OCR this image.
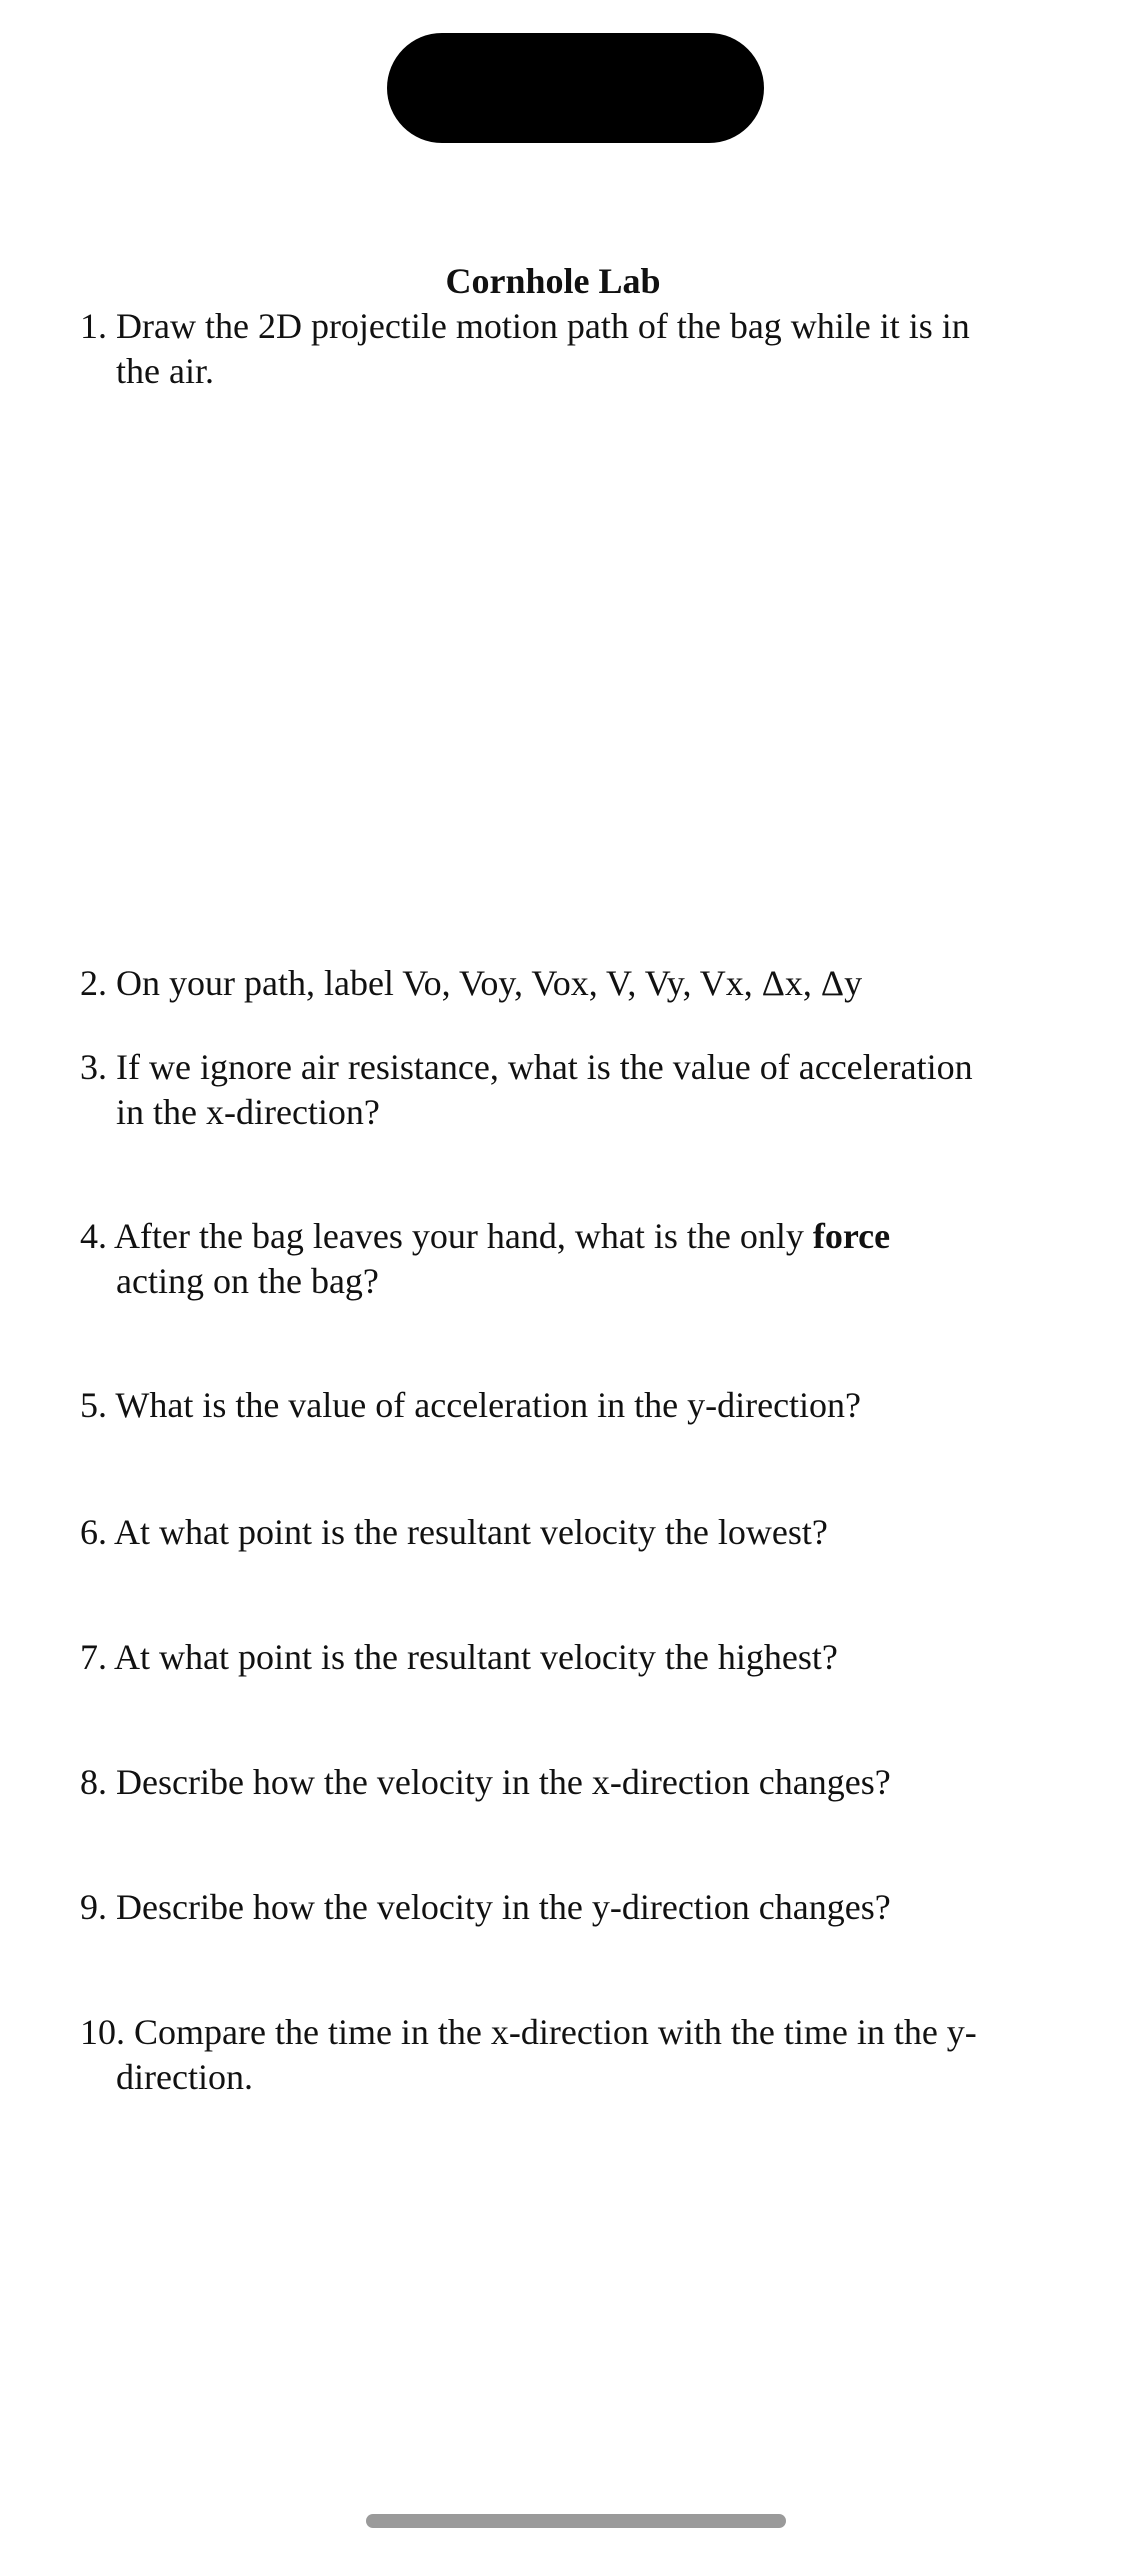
Cornhole Lab
1. Draw the 2D projectile motion path of the bag while it is in
the air.
2. On your path, label Vo, Voy, Vox, V, Vy, Vx, Δx, Δy
3. If we ignore air resistance, what is the value of acceleration
in the x-direction?
4. After the bag leaves your hand, what is the only force
acting on the bag?
5. What is the value of acceleration in the y-direction?
6. At what point is the resultant velocity the lowest?
7. At what point is the resultant velocity the highest?
8. Describe how the velocity in the x-direction changes?
9. Describe how the velocity in the y-direction changes?
10. Compare the time in the x-direction with the time in the y-
direction.
